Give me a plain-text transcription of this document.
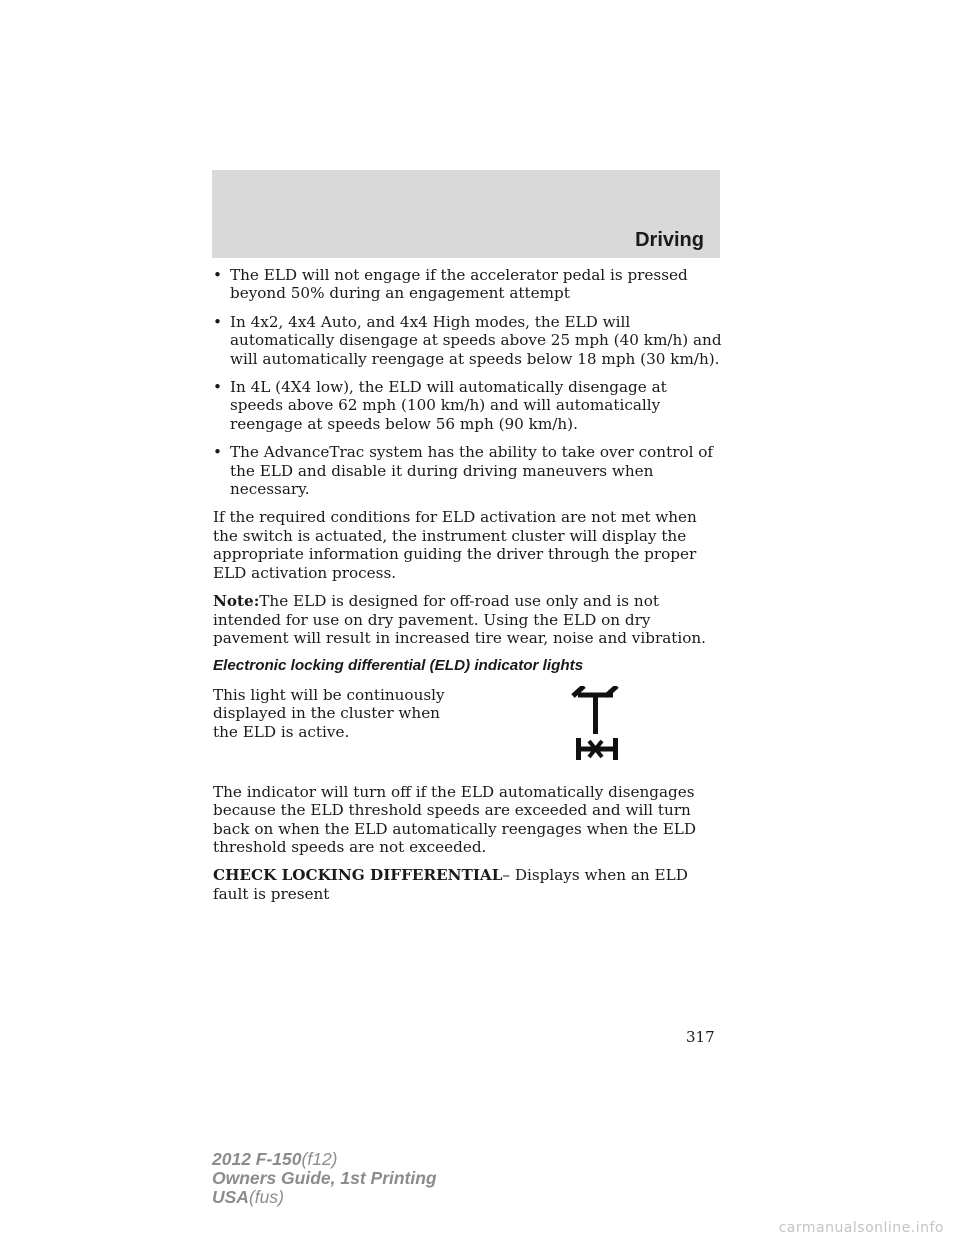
Driving
• The ELD will not engage if the accelerator pedal is pressed beyond 50% during an engagement attempt
• In 4x2, 4x4 Auto, and 4x4 High modes, the ELD will automatically disengage at speeds above 25 mph (40 km/h) and will automatically reengage at speeds below 18 mph (30 km/h).
• In 4L (4X4 low), the ELD will automatically disengage at speeds above 62 mph (100 km/h) and will automatically reengage at speeds below 56 mph (90 km/h).
• The AdvanceTrac system has the ability to take over control of the ELD and disable it during driving maneuvers when necessary.

If the required conditions for ELD activation are not met when the switch is actuated, the instrument cluster will display the appropriate information guiding the driver through the proper ELD activation process.

Note:The ELD is designed for off-road use only and is not intended for use on dry pavement. Using the ELD on dry pavement will result in increased tire wear, noise and vibration.

Electronic locking differential (ELD) indicator lights
This light will be continuously displayed in the cluster when the ELD is active.

The indicator will turn off if the ELD automatically disengages because the ELD threshold speeds are exceeded and will turn back on when the ELD automatically reengages when the ELD threshold speeds are not exceeded.

CHECK LOCKING DIFFERENTIAL– Displays when an ELD fault is present

317
2012 F-150(f12)
Owners Guide, 1st Printing
USA(fus)
carmanualsonline.info
